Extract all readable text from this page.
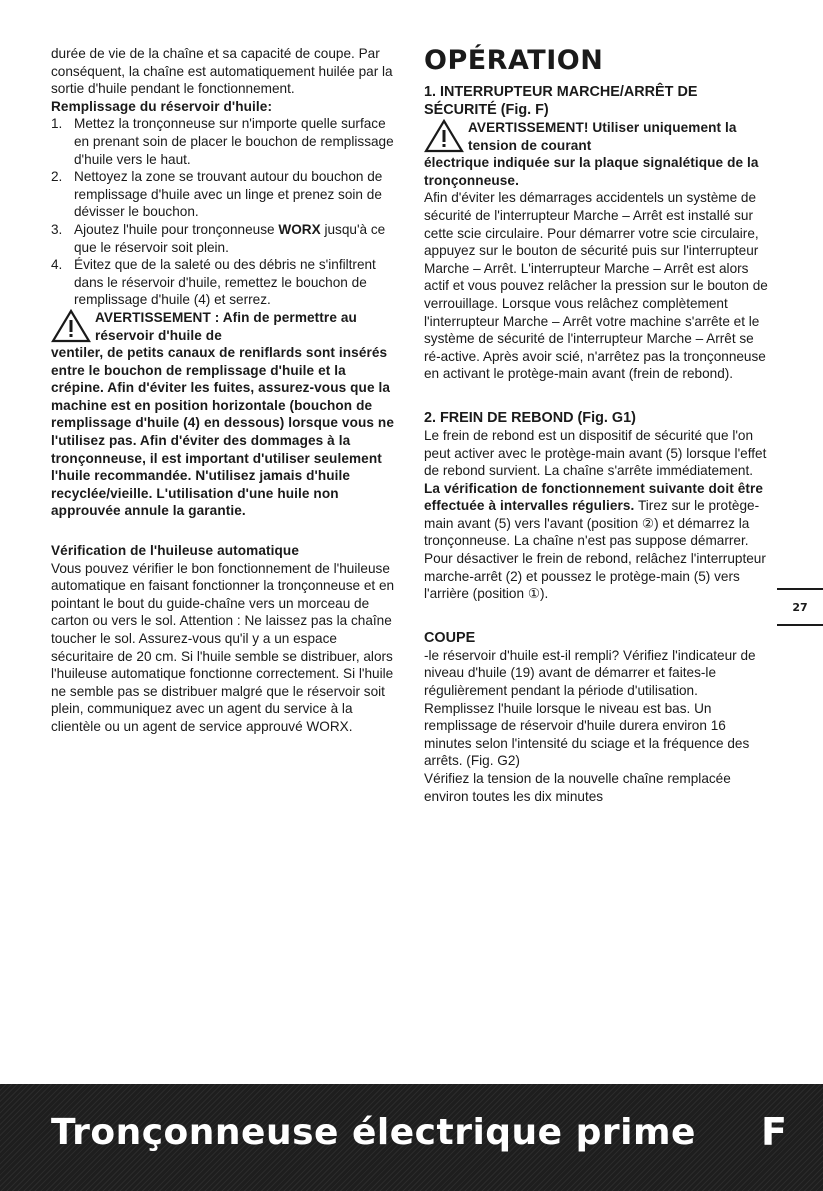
durée de vie de la chaîne et sa capacité de coupe. Par conséquent, la chaîne est automatiquement huilée par la sortie d'huile pendant le fonctionnement.

Remplissage du réservoir d'huile:

1. Mettez la tronçonneuse sur n'importe quelle surface en prenant soin de placer le bouchon de remplissage d'huile vers le haut.
2. Nettoyez la zone se trouvant autour du bouchon de remplissage d'huile avec un linge et prenez soin de dévisser le bouchon.
3. Ajoutez l'huile pour tronçonneuse WORX jusqu'à ce que le réservoir soit plein.
4. Évitez que de la saleté ou des débris ne s'infiltrent dans le réservoir d'huile, remettez le bouchon de remplissage d'huile (4) et serrez.

AVERTISSEMENT : Afin de permettre au réservoir d'huile de

ventiler, de petits canaux de reniflards sont insérés entre le bouchon de remplissage d'huile et la crépine. Afin d'éviter les fuites, assurez-vous que la machine est en position horizontale (bouchon de remplissage d'huile (4) en dessous) lorsque vous ne l'utilisez pas. Afin d'éviter des dommages à la tronçonneuse, il est important d'utiliser seulement l'huile recommandée. N'utilisez jamais d'huile recyclée/vieille. L'utilisation d'une huile non approuvée annule la garantie.

Vérification de l'huileuse automatique

Vous pouvez vérifier le bon fonctionnement de l'huileuse automatique en faisant fonctionner la tronçonneuse et en pointant le bout du guide-chaîne vers un morceau de carton ou vers le sol. Attention : Ne laissez pas la chaîne toucher le sol. Assurez-vous qu'il y a un espace sécuritaire de 20 cm. Si l'huile semble se distribuer, alors l'huileuse automatique fonctionne correctement. Si l'huile ne semble pas se distribuer malgré que le réservoir soit plein, communiquez avec un agent du service à la clientèle ou un agent de service approuvé WORX.

OPÉRATION

1. INTERRUPTEUR MARCHE/ARRÊT DE SÉCURITÉ (Fig. F)

AVERTISSEMENT! Utiliser uniquement la tension de courant

électrique indiquée sur la plaque signalétique de la tronçonneuse.

Afin d'éviter les démarrages accidentels un système de sécurité de l'interrupteur Marche – Arrêt est installé sur cette scie circulaire. Pour démarrer votre scie circulaire, appuyez sur le bouton de sécurité puis sur l'interrupteur Marche – Arrêt. L'interrupteur Marche – Arrêt est alors actif et vous pouvez relâcher la pression sur le bouton de verrouillage. Lorsque vous relâchez complètement l'interrupteur Marche – Arrêt votre machine s'arrête et le système de sécurité de l'interrupteur Marche – Arrêt se ré-active. Après avoir scié, n'arrêtez pas la tronçonneuse en activant le protège-main avant (frein de rebond).

2. FREIN DE REBOND (Fig. G1)

Le frein de rebond est un dispositif de sécurité que l'on peut activer avec le protège-main avant (5) lorsque l'effet de rebond survient. La chaîne s'arrête immédiatement.

La vérification de fonctionnement suivante doit être effectuée à intervalles réguliers. Tirez sur le protège-main avant (5) vers l'avant (position ②) et démarrez la tronçonneuse. La chaîne n'est pas suppose démarrer. Pour désactiver le frein de rebond, relâchez l'interrupteur marche-arrêt (2) et poussez le protège-main (5) vers l'arrière (position ①).

COUPE

-le réservoir d'huile est-il rempli? Vérifiez l'indicateur de niveau d'huile (19) avant de démarrer et faites-le régulièrement pendant la période d'utilisation. Remplissez l'huile lorsque le niveau est bas. Un remplissage de réservoir d'huile durera environ 16 minutes selon l'intensité du sciage et la fréquence des arrêts. (Fig. G2)

Vérifiez la tension de la nouvelle chaîne remplacée environ toutes les dix minutes

27
Tronçonneuse électrique prime F
